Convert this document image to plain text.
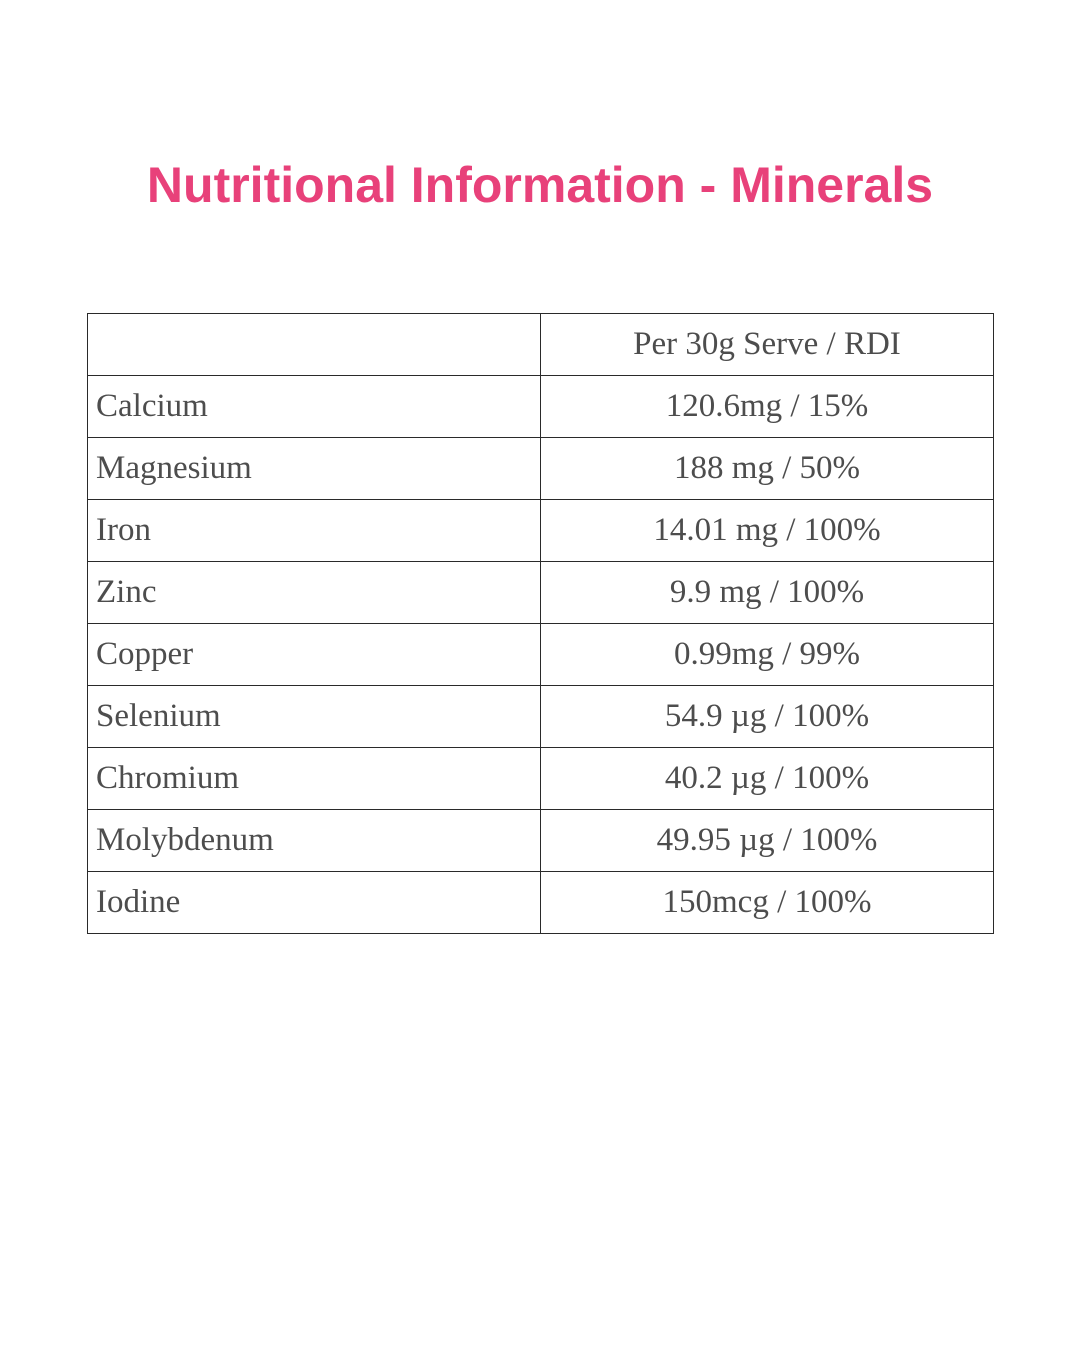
Nutritional Information - Minerals
	Per 30g Serve / RDI
Calcium	120.6mg / 15%
Magnesium	188 mg / 50%
Iron	14.01 mg / 100%
Zinc	9.9 mg / 100%
Copper	0.99mg / 99%
Selenium	54.9 µg / 100%
Chromium	40.2 µg / 100%
Molybdenum	49.95 µg / 100%
Iodine	150mcg / 100%
